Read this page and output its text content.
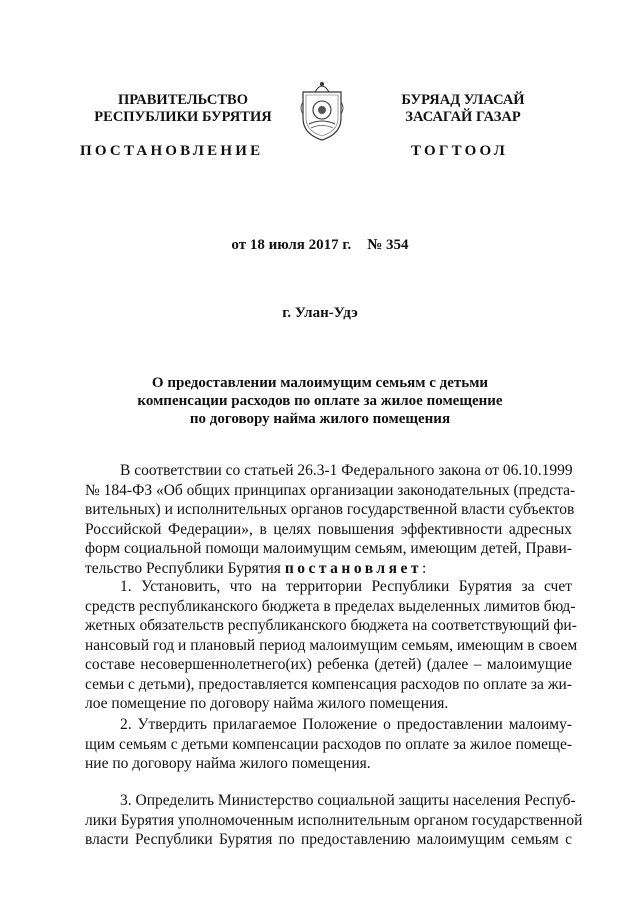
ПРАВИТЕЛЬСТВО
РЕСПУБЛИКИ БУРЯТИЯ
БУРЯАД УЛАСАЙ
ЗАСАГАЙ ГАЗАР
ПОСТАНОВЛЕНИЕ	ТОГТООЛ
от 18 июля 2017 г. № 354
г. Улан-Удэ
О предоставлении малоимущим семьям с детьми
компенсации расходов по оплате за жилое помещение
по договору найма жилого помещения
В соответствии со статьей 26.3-1 Федерального закона от 06.10.1999
№ 184-ФЗ «Об общих принципах организации законодательных (предста-
вительных) и исполнительных органов государственной власти субъектов
Российской Федерации», в целях повышения эффективности адресных
форм социальной помощи малоимущим семьям, имеющим детей, Прави-
тельство Республики Бурятия постановляет:
1. Установить, что на территории Республики Бурятия за счет
средств республиканского бюджета в пределах выделенных лимитов бюд-
жетных обязательств республиканского бюджета на соответствующий фи-
нансовый год и плановый период малоимущим семьям, имеющим в своем
составе несовершеннолетнего(их) ребенка (детей) (далее – малоимущие
семьи с детьми), предоставляется компенсация расходов по оплате за жи-
лое помещение по договору найма жилого помещения.
2. Утвердить прилагаемое Положение о предоставлении малоиму-
щим семьям с детьми компенсации расходов по оплате за жилое помеще-
ние по договору найма жилого помещения.
3. Определить Министерство социальной защиты населения Респуб-
лики Бурятия уполномоченным исполнительным органом государственной
власти Республики Бурятия по предоставлению малоимущим семьям с
